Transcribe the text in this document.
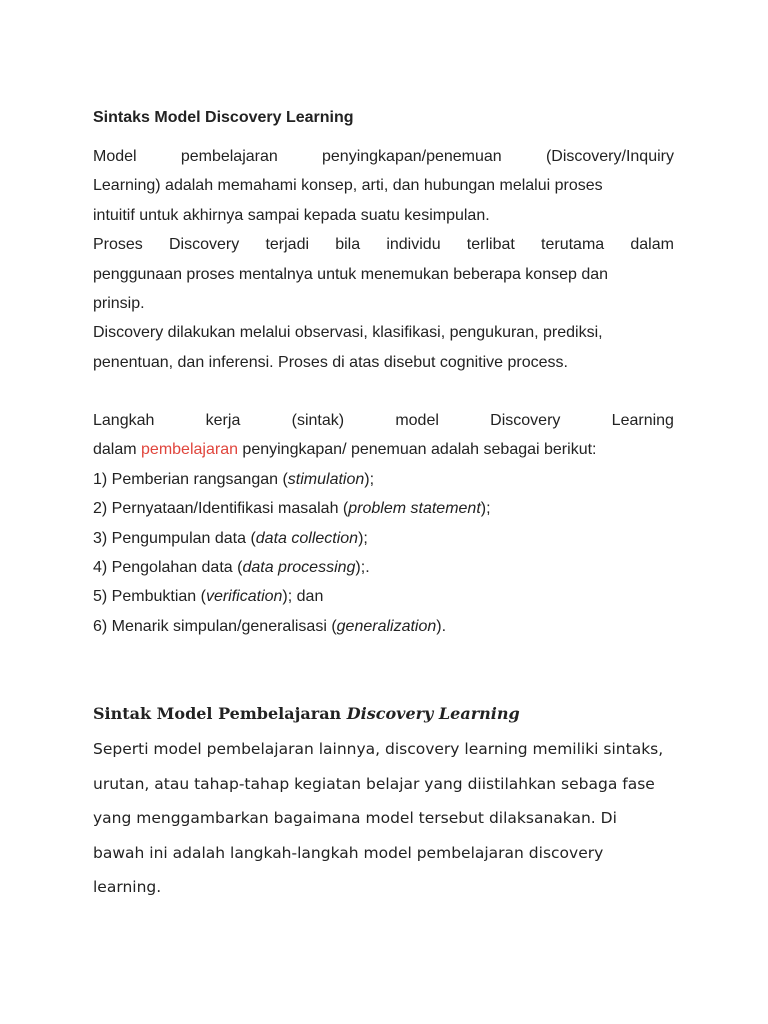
Sintaks Model Discovery Learning

Model	pembelajaran	penyingkapan/penemuan	(Discovery/Inquiry
Learning) adalah memahami konsep, arti, dan hubungan melalui proses
intuitif untuk akhirnya sampai kepada suatu kesimpulan.

Proses Discovery terjadi bila individu terlibat terutama dalam
penggunaan proses mentalnya untuk menemukan beberapa konsep dan
prinsip.

Discovery dilakukan melalui observasi, klasifikasi, pengukuran, prediksi,
penentuan, dan inferensi. Proses di atas disebut cognitive process.

Langkah	kerja	(sintak)	model	Discovery	Learning
dalam pembelajaran penyingkapan/ penemuan adalah sebagai berikut:

1) Pemberian rangsangan (stimulation);
2) Pernyataan/Identifikasi masalah (problem statement);
3) Pengumpulan data (data collection);
4) Pengolahan data (data processing);.
5) Pembuktian (verification); dan
6) Menarik simpulan/generalisasi (generalization).
Sintak Model Pembelajaran Discovery Learning
Seperti model pembelajaran lainnya, discovery learning memiliki sintaks,
urutan, atau tahap-tahap kegiatan belajar yang diistilahkan sebaga fase
yang menggambarkan bagaimana model tersebut dilaksanakan. Di
bawah ini adalah langkah-langkah model pembelajaran discovery
learning.
